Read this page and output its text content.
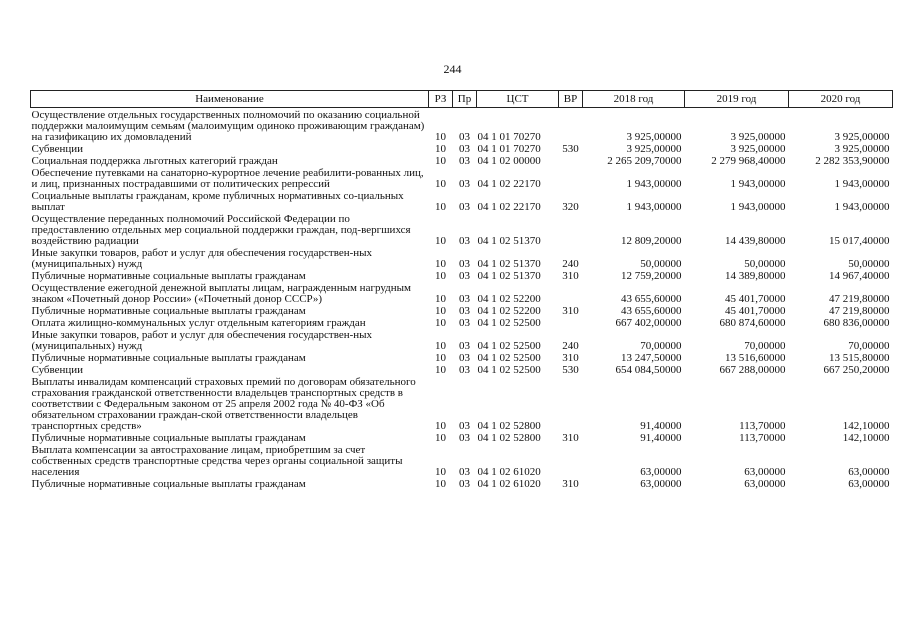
244
Наименование	РЗ	Пр	ЦСТ	ВР	2018 год	2019 год	2020 год
Осуществление отдельных государственных полномочий по оказанию социальной поддержки малоимущим семьям (малоимущим одиноко проживающим гражданам) на газификацию их домовладений	10	03	04 1 01 70270		3 925,00000	3 925,00000	3 925,00000
Субвенции	10	03	04 1 01 70270	530	3 925,00000	3 925,00000	3 925,00000
Социальная поддержка льготных категорий граждан	10	03	04 1 02 00000		2 265 209,70000	2 279 968,40000	2 282 353,90000
Обеспечение путевками на санаторно-курортное лечение реабилити-рованных лиц, и лиц, признанных пострадавшими от политических репрессий	10	03	04 1 02 22170		1 943,00000	1 943,00000	1 943,00000
Социальные выплаты гражданам, кроме публичных нормативных со-циальных выплат	10	03	04 1 02 22170	320	1 943,00000	1 943,00000	1 943,00000
Осуществление переданных полномочий Российской Федерации по предоставлению отдельных мер социальной поддержки граждан, под-вергшихся воздействию радиации	10	03	04 1 02 51370		12 809,20000	14 439,80000	15 017,40000
Иные закупки товаров, работ и услуг для обеспечения государствен-ных (муниципальных) нужд	10	03	04 1 02 51370	240	50,00000	50,00000	50,00000
Публичные нормативные социальные выплаты гражданам	10	03	04 1 02 51370	310	12 759,20000	14 389,80000	14 967,40000
Осуществление ежегодной денежной выплаты лицам, награжденным нагрудным знаком «Почетный донор России» («Почетный донор СССР»)	10	03	04 1 02 52200		43 655,60000	45 401,70000	47 219,80000
Публичные нормативные социальные выплаты гражданам	10	03	04 1 02 52200	310	43 655,60000	45 401,70000	47 219,80000
Оплата жилищно-коммунальных услуг отдельным категориям граждан	10	03	04 1 02 52500		667 402,00000	680 874,60000	680 836,00000
Иные закупки товаров, работ и услуг для обеспечения государствен-ных (муниципальных) нужд	10	03	04 1 02 52500	240	70,00000	70,00000	70,00000
Публичные нормативные социальные выплаты гражданам	10	03	04 1 02 52500	310	13 247,50000	13 516,60000	13 515,80000
Субвенции	10	03	04 1 02 52500	530	654 084,50000	667 288,00000	667 250,20000
Выплаты инвалидам компенсаций страховых премий по договорам обязательного страхования гражданской ответственности владельцев транспортных средств в соответствии с Федеральным законом от 25 апреля 2002 года № 40-ФЗ «Об обязательном страховании граждан-ской ответственности владельцев транспортных средств»	10	03	04 1 02 52800		91,40000	113,70000	142,10000
Публичные нормативные социальные выплаты гражданам	10	03	04 1 02 52800	310	91,40000	113,70000	142,10000
Выплата компенсации за автострахование лицам, приобретшим за счет собственных средств транспортные средства через органы социальной защиты населения	10	03	04 1 02 61020		63,00000	63,00000	63,00000
Публичные нормативные социальные выплаты гражданам	10	03	04 1 02 61020	310	63,00000	63,00000	63,00000
